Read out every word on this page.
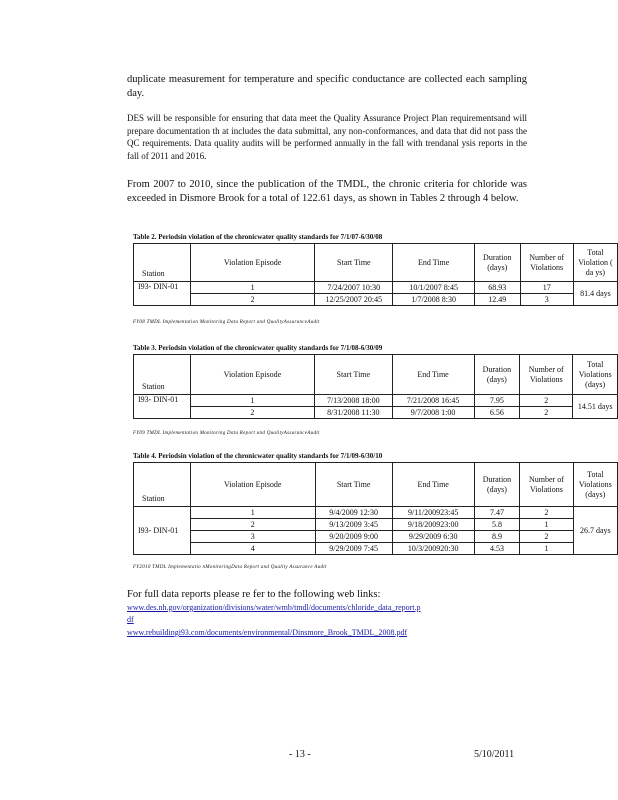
duplicate measurement for temperature and specific conductance are collected each sampling day.

DES will be responsible for ensuring that data meet the Quality Assurance Project Plan requirementsand will prepare documentation th at includes the data submittal, any non-conformances, and data that did not pass the QC requirements. Data quality audits will be performed annually in the fall with trendanal ysis reports in the fall of 2011 and 2016.

From 2007 to 2010, since the publication of the TMDL, the chronic criteria for chloride was exceeded in Dismore Brook for a total of 122.61 days, as shown in Tables 2 through 4 below.

Table 2. Periodsin violation of the chronicwater quality standards for 7/1/07-6/30/08

Station	Violation Episode	Start Time	End Time	Duration (days)	Number of Violations	Total Violation ( da ys)
I93- DIN-01	1	7/24/2007 10:30	10/1/2007 8:45	68.93	17	81.4 days
	2	12/25/2007 20:45	1/7/2008 8:30	12.49	3	

FY08 TMDL Implementation Monitoring Data Report and QualityAssuranceAudit

Table 3. Periodsin violation of the chronicwater quality standards for 7/1/08-6/30/09

Station	Violation Episode	Start Time	End Time	Duration (days)	Number of Violations	Total Violations (days)
I93- DIN-01	1	7/13/2008 18:00	7/21/2008 16:45	7.95	2	14.51 days
	2	8/31/2008 11:30	9/7/2008 1:00	6.56	2	

FY09 TMDL Implementation Monitoring Data Report and QualityAssuranceAudit

Table 4. Periodsin violation of the chronicwater quality standards for 7/1/09-6/30/10

Station	Violation Episode	Start Time	End Time	Duration (days)	Number of Violations	Total Violations (days)
I93- DIN-01	1	9/4/2009 12:30	9/11/200923:45	7.47	2	26.7 days
	2	9/13/2009 3:45	9/18/200923:00	5.8	1	
	3	9/20/2009 9:00	9/29/2009 6:30	8.9	2	
	4	9/29/2009 7:45	10/3/200920:30	4.53	1	

FY2010 TMDL Implementatio nMonitoringData Report and Quality Assurance Audit

For full data reports please re fer to the following web links:

www.des.nh.gov/organization/divisions/water/wmb/tmdl/documents/chloride_data_report.p
df
www.rebuildingi93.com/documents/environmental/Dinsmore_Brook_TMDL_2008.pdf

- 13 -	5/10/2011
